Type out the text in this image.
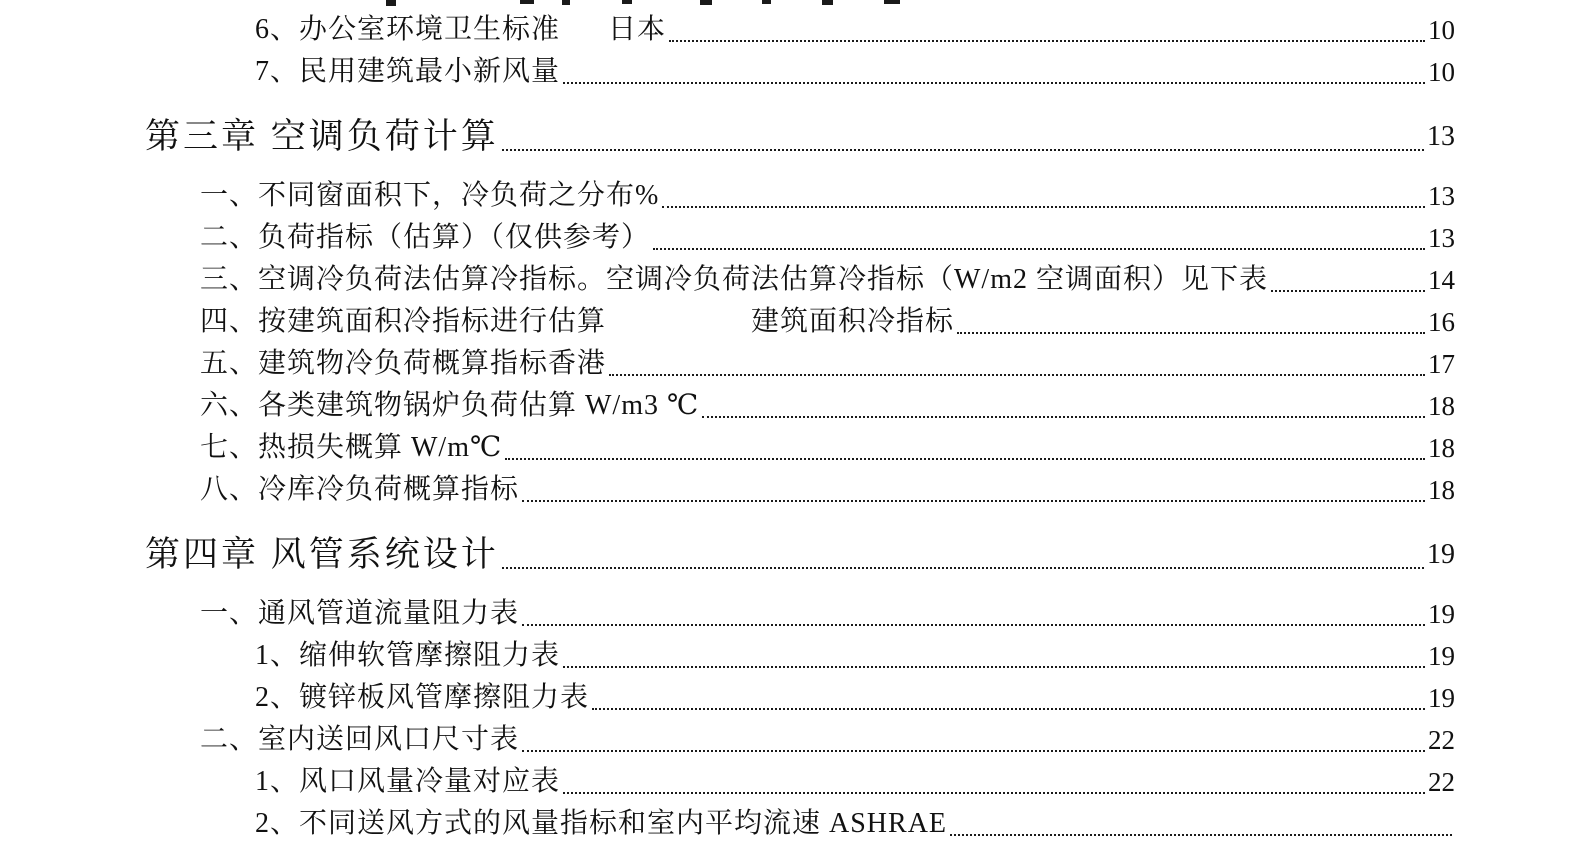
6、办公室环境卫生标准 日本	10
7、民用建筑最小新风量	10
第三章 空调负荷计算	13
一、不同窗面积下，冷负荷之分布%	13
二、负荷指标（估算）（仅供参考）	13
三、空调冷负荷法估算冷指标。空调冷负荷法估算冷指标（W/m2 空调面积）见下表	14
四、按建筑面积冷指标进行估算	建筑面积冷指标	16
五、建筑物冷负荷概算指标香港	17
六、各类建筑物锅炉负荷估算 W/m3 ℃	18
七、热损失概算 W/m℃	18
八、冷库冷负荷概算指标	18
第四章 风管系统设计	19
一、通风管道流量阻力表	19
1、缩伸软管摩擦阻力表	19
2、镀锌板风管摩擦阻力表	19
二、室内送回风口尺寸表	22
1、风口风量冷量对应表	22
2、不同送风方式的风量指标和室内平均流速 ASHRAE
